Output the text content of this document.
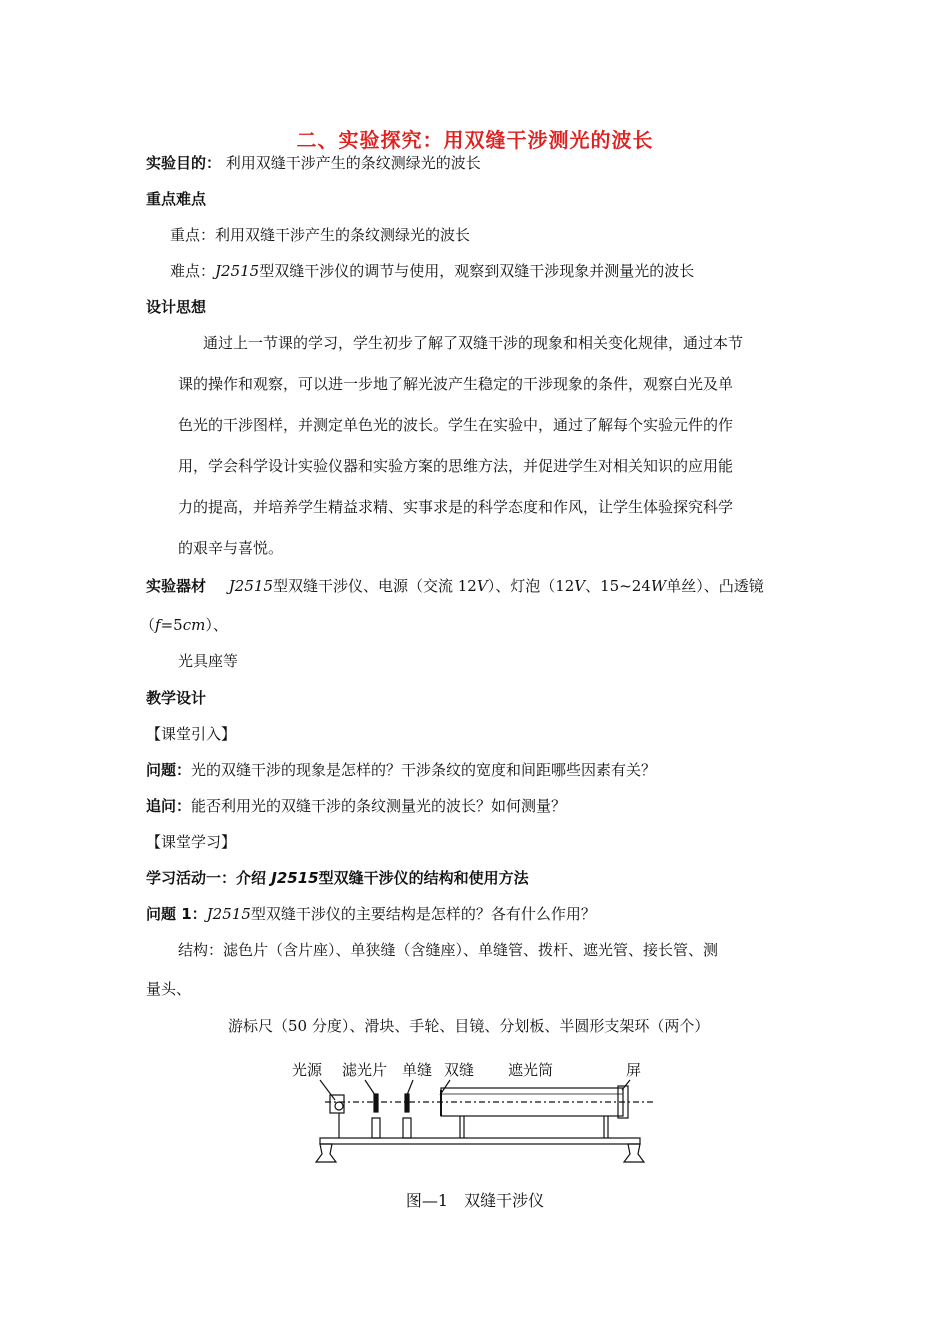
二、实验探究：用双缝干涉测光的波长
实验目的： 利用双缝干涉产生的条纹测绿光的波长
重点难点
重点：利用双缝干涉产生的条纹测绿光的波长
难点：J2515型双缝干涉仪的调节与使用，观察到双缝干涉现象并测量光的波长
设计思想
通过上一节课的学习，学生初步了解了双缝干涉的现象和相关变化规律，通过本节
课的操作和观察，可以进一步地了解光波产生稳定的干涉现象的条件，观察白光及单
色光的干涉图样，并测定单色光的波长。学生在实验中，通过了解每个实验元件的作
用，学会科学设计实验仪器和实验方案的思维方法，并促进学生对相关知识的应用能
力的提高，并培养学生精益求精、实事求是的科学态度和作风，让学生体验探究科学
的艰辛与喜悦。
实验器材 J2515型双缝干涉仪、电源（交流 12V）、灯泡（12V、15~24W单丝）、凸透镜
（f=5cm）、
光具座等
教学设计
【课堂引入】
问题：光的双缝干涉的现象是怎样的？干涉条纹的宽度和间距哪些因素有关？
追问：能否利用光的双缝干涉的条纹测量光的波长？如何测量？
【课堂学习】
学习活动一：介绍 J2515型双缝干涉仪的结构和使用方法
问题 1：J2515型双缝干涉仪的主要结构是怎样的？各有什么作用？
结构：滤色片（含片座）、单狭缝（含缝座）、单缝管、拨杆、遮光管、接长管、测
量头、
游标尺（50 分度）、滑块、手轮、目镜、分划板、半圆形支架环（两个）
光源 滤光片 单缝 双缝 遮光筒	屏
图—1　双缝干涉仪
